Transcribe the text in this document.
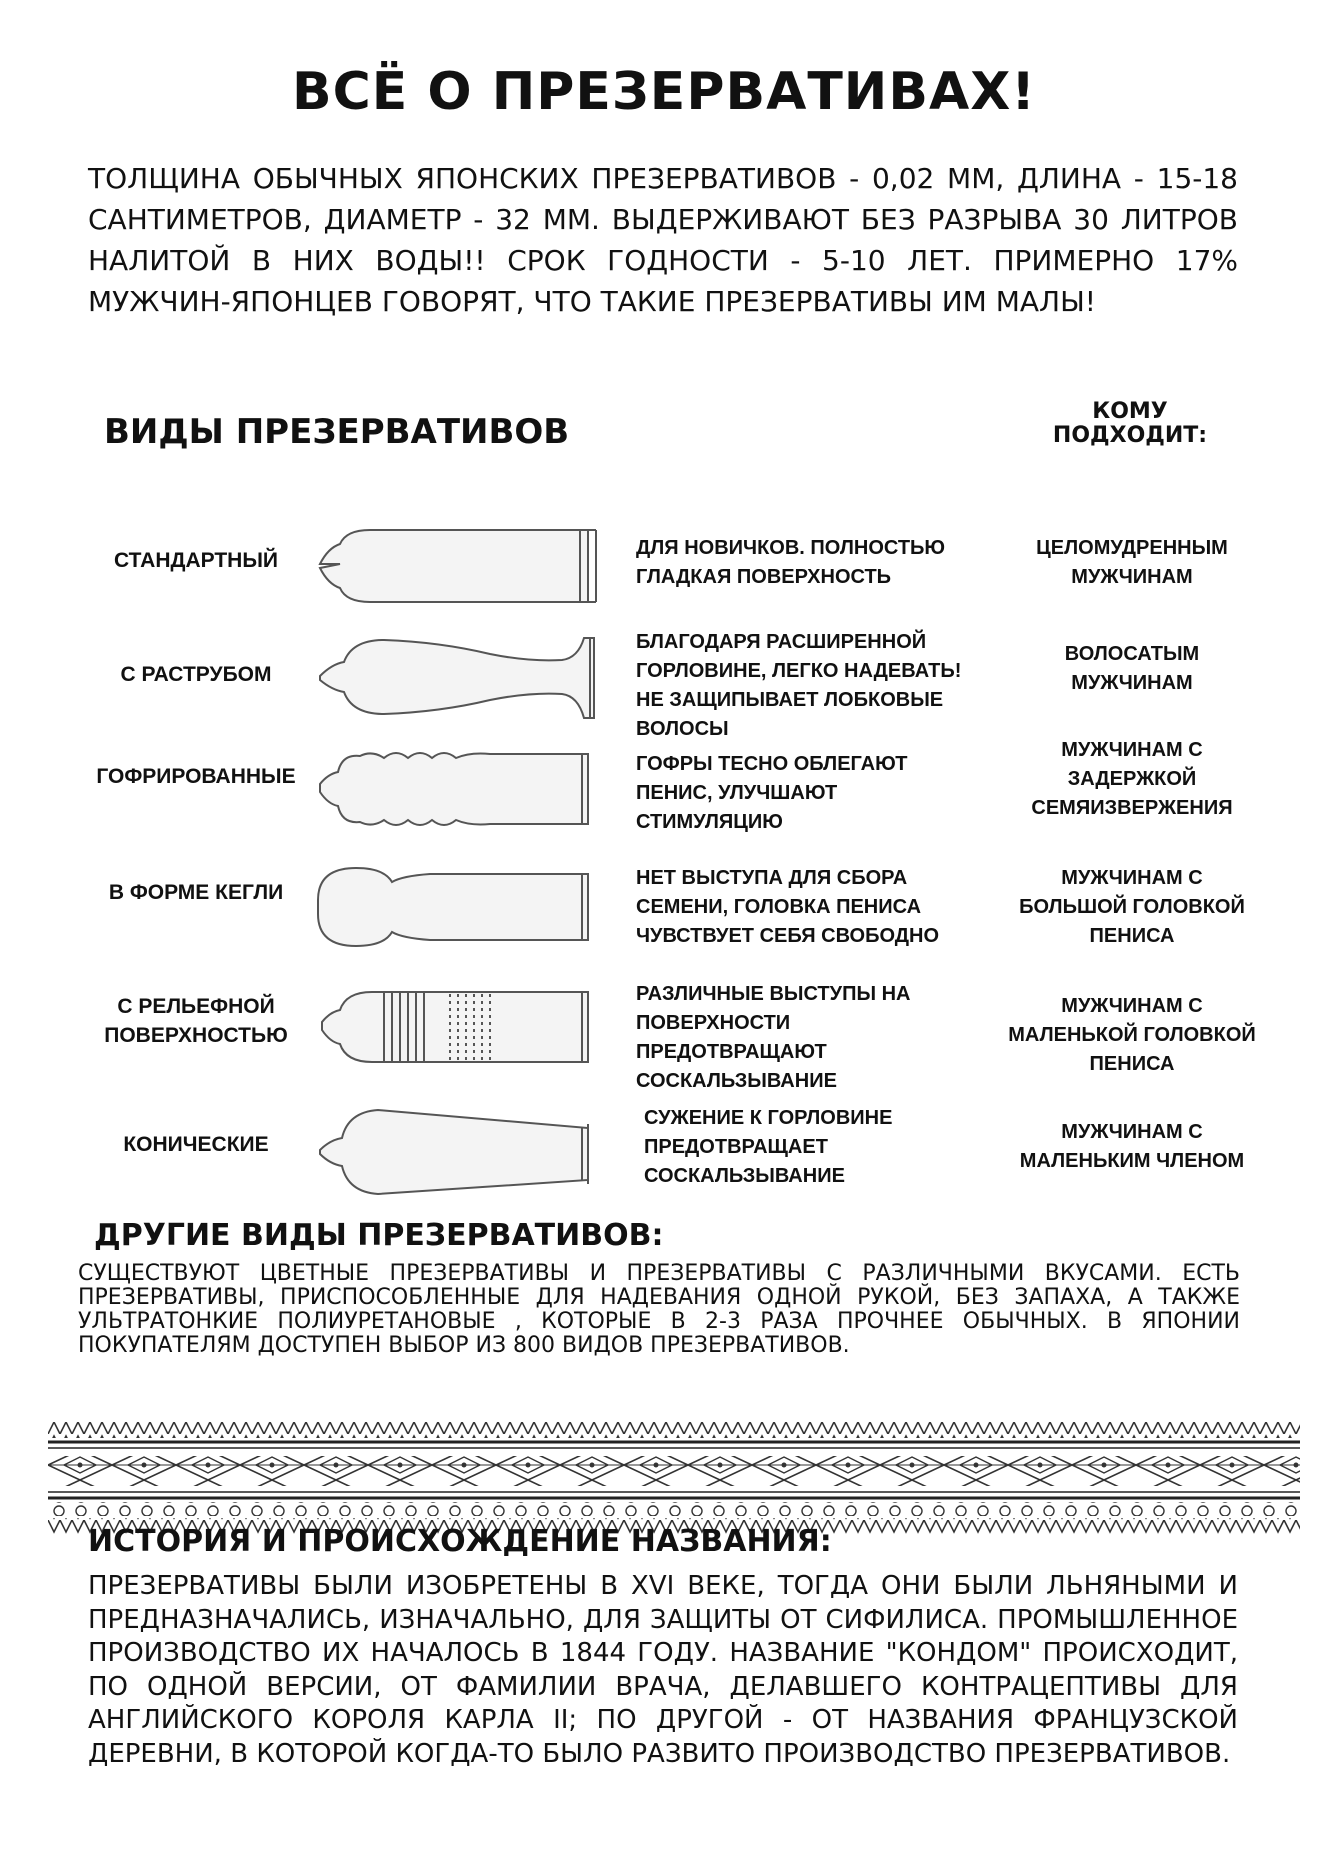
ВСЁ О ПРЕЗЕРВАТИВАХ!
ТОЛЩИНА ОБЫЧНЫХ ЯПОНСКИХ ПРЕЗЕРВАТИВОВ - 0,02 ММ, ДЛИНА - 15-18 САНТИМЕТРОВ, ДИАМЕТР - 32 ММ. ВЫДЕРЖИВАЮТ БЕЗ РАЗРЫВА 30 ЛИТРОВ НАЛИТОЙ В НИХ ВОДЫ!! СРОК ГОДНОСТИ - 5-10 ЛЕТ. ПРИМЕРНО 17% МУЖЧИН-ЯПОНЦЕВ ГОВОРЯТ, ЧТО ТАКИЕ ПРЕЗЕРВАТИВЫ ИМ МАЛЫ!
ВИДЫ ПРЕЗЕРВАТИВОВ
КОМУ ПОДХОДИТ:
СТАНДАРТНЫЙ
ДЛЯ НОВИЧКОВ. ПОЛНОСТЬЮ ГЛАДКАЯ ПОВЕРХНОСТЬ
ЦЕЛОМУДРЕННЫМ МУЖЧИНАМ
С РАСТРУБОМ
БЛАГОДАРЯ РАСШИРЕННОЙ ГОРЛОВИНЕ, ЛЕГКО НАДЕВАТЬ! НЕ ЗАЩИПЫВАЕТ ЛОБКОВЫЕ ВОЛОСЫ
ВОЛОСАТЫМ МУЖЧИНАМ
ГОФРИРОВАННЫЕ
ГОФРЫ ТЕСНО ОБЛЕГАЮТ ПЕНИС, УЛУЧШАЮТ СТИМУЛЯЦИЮ
МУЖЧИНАМ С ЗАДЕРЖКОЙ СЕМЯИЗВЕРЖЕНИЯ
В ФОРМЕ КЕГЛИ
НЕТ ВЫСТУПА ДЛЯ СБОРА СЕМЕНИ, ГОЛОВКА ПЕНИСА ЧУВСТВУЕТ СЕБЯ СВОБОДНО
МУЖЧИНАМ С БОЛЬШОЙ ГОЛОВКОЙ ПЕНИСА
С РЕЛЬЕФНОЙ ПОВЕРХНОСТЬЮ
РАЗЛИЧНЫЕ ВЫСТУПЫ НА ПОВЕРХНОСТИ ПРЕДОТВРАЩАЮТ СОСКАЛЬЗЫВАНИЕ
МУЖЧИНАМ С МАЛЕНЬКОЙ ГОЛОВКОЙ ПЕНИСА
КОНИЧЕСКИЕ
СУЖЕНИЕ К ГОРЛОВИНЕ ПРЕДОТВРАЩАЕТ СОСКАЛЬЗЫВАНИЕ
МУЖЧИНАМ С МАЛЕНЬКИМ ЧЛЕНОМ
ДРУГИЕ ВИДЫ ПРЕЗЕРВАТИВОВ:
СУЩЕСТВУЮТ ЦВЕТНЫЕ ПРЕЗЕРВАТИВЫ И ПРЕЗЕРВАТИВЫ С РАЗЛИЧНЫМИ ВКУСАМИ. ЕСТЬ ПРЕЗЕРВАТИВЫ, ПРИСПОСОБЛЕННЫЕ ДЛЯ НАДЕВАНИЯ ОДНОЙ РУКОЙ, БЕЗ ЗАПАХА, А ТАКЖЕ УЛЬТРАТОНКИЕ ПОЛИУРЕТАНОВЫЕ , КОТОРЫЕ В 2-3 РАЗА ПРОЧНЕЕ ОБЫЧНЫХ. В ЯПОНИИ ПОКУПАТЕЛЯМ ДОСТУПЕН ВЫБОР ИЗ 800 ВИДОВ ПРЕЗЕРВАТИВОВ.
ИСТОРИЯ И ПРОИСХОЖДЕНИЕ НАЗВАНИЯ:
ПРЕЗЕРВАТИВЫ БЫЛИ ИЗОБРЕТЕНЫ В XVI ВЕКЕ, ТОГДА ОНИ БЫЛИ ЛЬНЯНЫМИ И ПРЕДНАЗНАЧАЛИСЬ, ИЗНАЧАЛЬНО, ДЛЯ ЗАЩИТЫ ОТ СИФИЛИСА. ПРОМЫШЛЕННОЕ ПРОИЗВОДСТВО ИХ НАЧАЛОСЬ В 1844 ГОДУ. НАЗВАНИЕ "КОНДОМ" ПРОИСХОДИТ, ПО ОДНОЙ ВЕРСИИ, ОТ ФАМИЛИИ ВРАЧА, ДЕЛАВШЕГО КОНТРАЦЕПТИВЫ ДЛЯ АНГЛИЙСКОГО КОРОЛЯ КАРЛА II; ПО ДРУГОЙ - ОТ НАЗВАНИЯ ФРАНЦУЗСКОЙ ДЕРЕВНИ, В КОТОРОЙ КОГДА-ТО БЫЛО РАЗВИТО ПРОИЗВОДСТВО ПРЕЗЕРВАТИВОВ.
